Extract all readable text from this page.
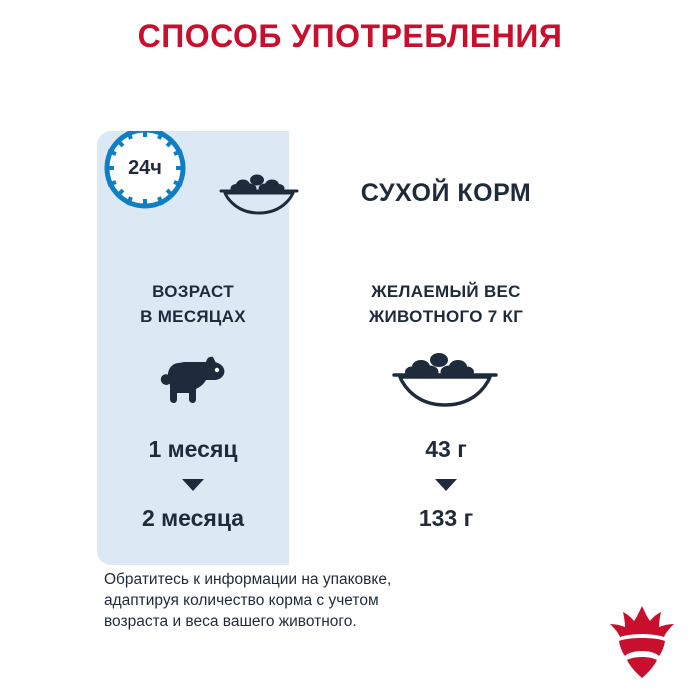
СПОСОБ УПОТРЕБЛЕНИЯ
24ч
СУХОЙ КОРМ
ВОЗРАСТ
В МЕСЯЦАХ
ЖЕЛАЕМЫЙ ВЕС
ЖИВОТНОГО 7 КГ
1 месяц
2 месяца
43 г
133 г
Обратитесь к информации на упаковке,
адаптируя количество корма с учетом
возраста и веса вашего животного.
